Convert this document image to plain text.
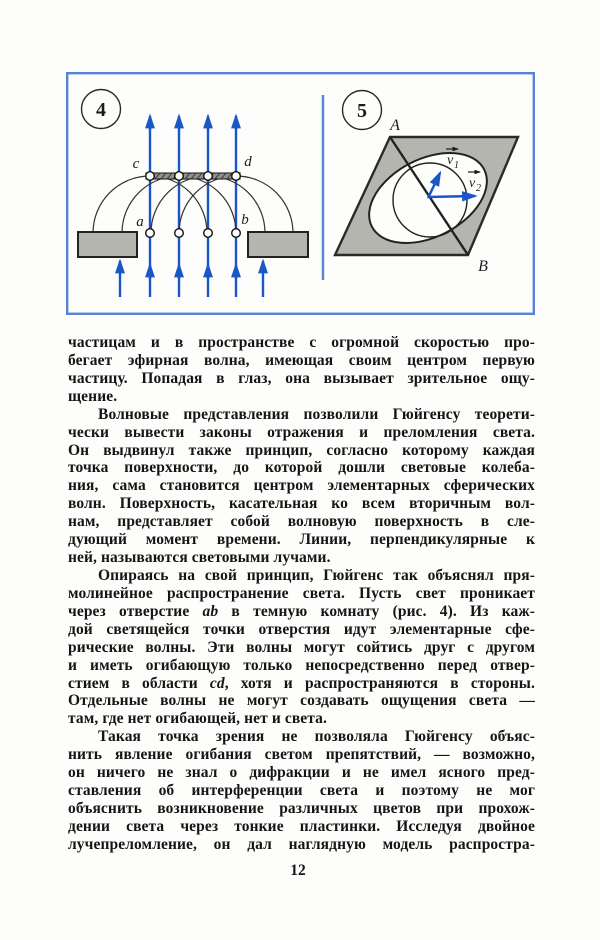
4
c	d
a	b
5
v 1
v 2
A
B
частицам и в пространстве с огромной скоростью про-
бегает эфирная волна, имеющая своим центром первую
частицу. Попадая в глаз, она вызывает зрительное ощу-
щение.
Волновые представления позволили Гюйгенсу теорети-
чески вывести законы отражения и преломления света.
Он выдвинул также принцип, согласно которому каждая
точка поверхности, до которой дошли световые колеба-
ния, сама становится центром элементарных сферических
волн. Поверхность, касательная ко всем вторичным вол-
нам, представляет собой волновую поверхность в сле-
дующий момент времени. Линии, перпендикулярные к
ней, называются световыми лучами.
Опираясь на свой принцип, Гюйгенс так объяснял пря-
молинейное распространение света. Пусть свет проникает
через отверстие ab в темную комнату (рис. 4). Из каж-
дой светящейся точки отверстия идут элементарные сфе-
рические волны. Эти волны могут сойтись друг с другом
и иметь огибающую только непосредственно перед отвер-
стием в области cd, хотя и распространяются в стороны.
Отдельные волны не могут создавать ощущения света —
там, где нет огибающей, нет и света.
Такая точка зрения не позволяла Гюйгенсу объяс-
нить явление огибания светом препятствий, — возможно,
он ничего не знал о дифракции и не имел ясного пред-
ставления об интерференции света и поэтому не мог
объяснить возникновение различных цветов при прохож-
дении света через тонкие пластинки. Исследуя двойное
лучепреломление, он дал наглядную модель распростра-
12
